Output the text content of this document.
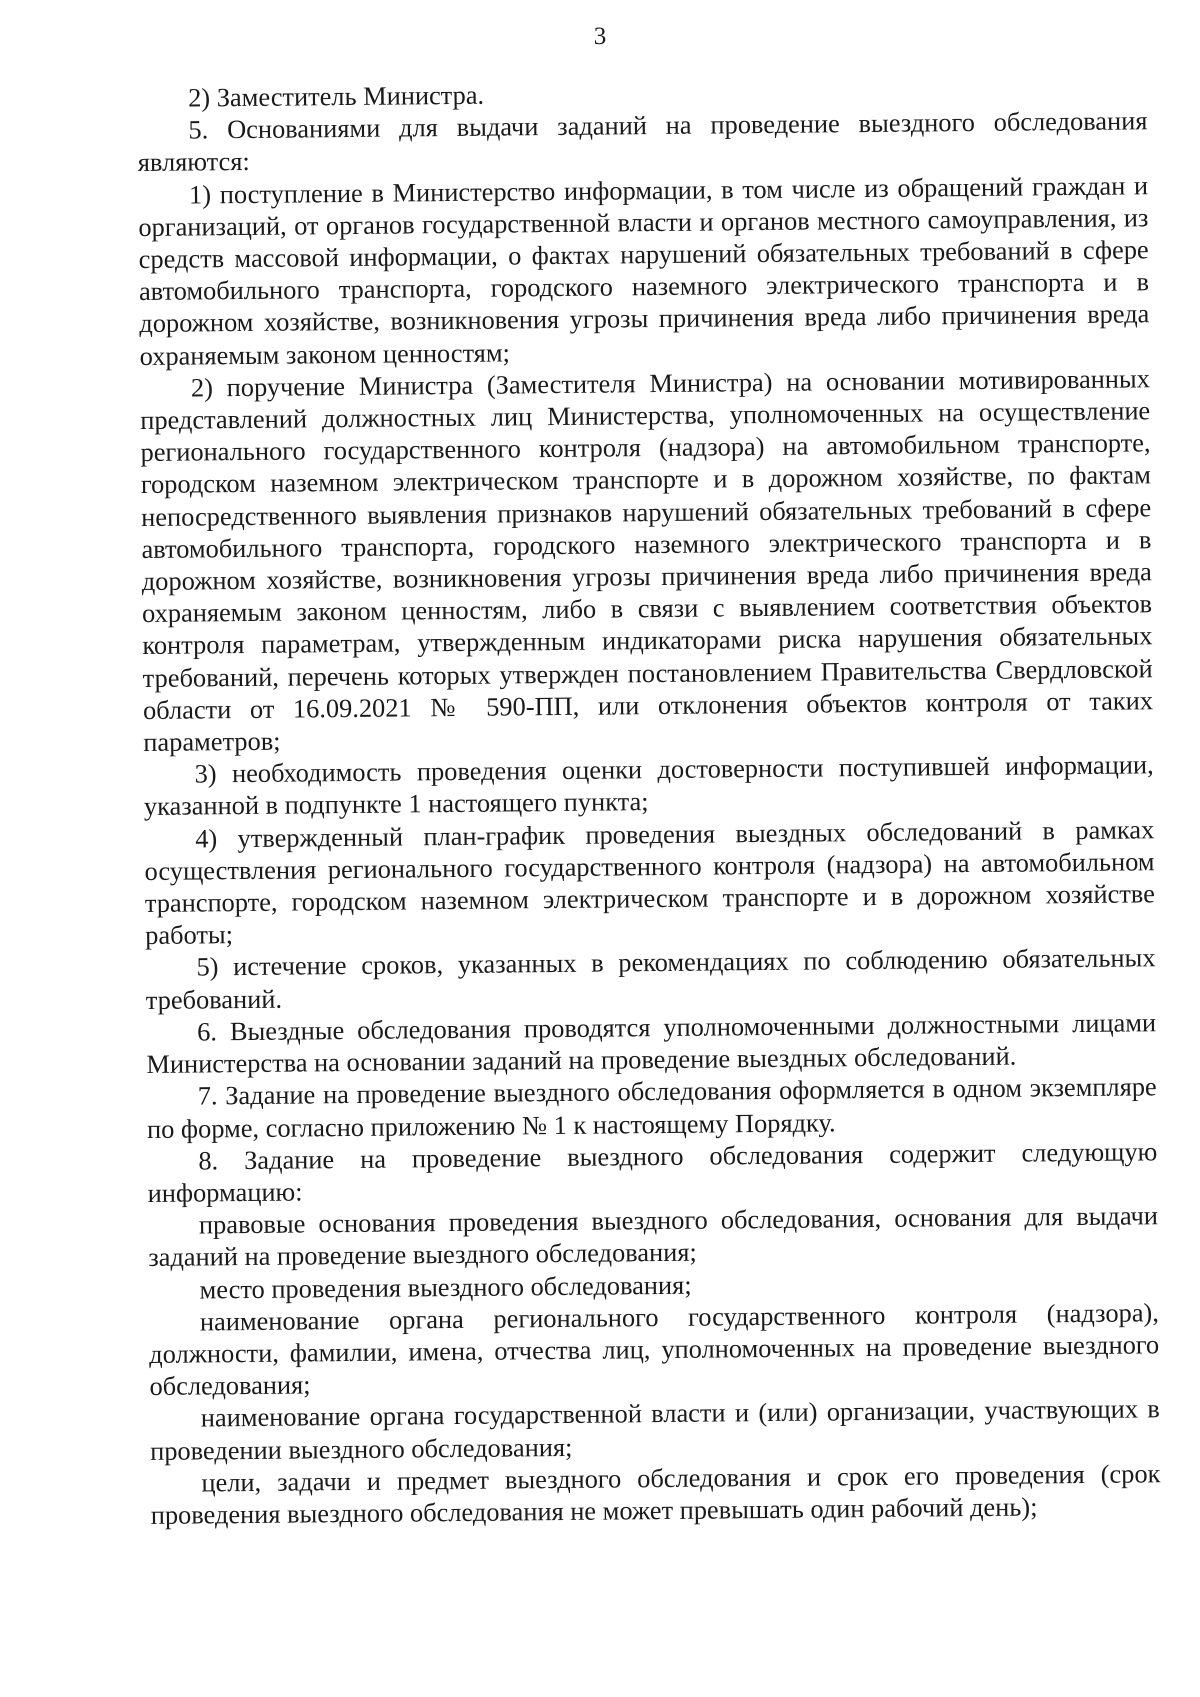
3

2) Заместитель Министра.

5. Основаниями для выдачи заданий на проведение выездного обследования являются:

1) поступление в Министерство информации, в том числе из обращений граждан и организаций, от органов государственной власти и органов местного самоуправления, из средств массовой информации, о фактах нарушений обязательных требований в сфере автомобильного транспорта, городского наземного электрического транспорта и в дорожном хозяйстве, возникновения угрозы причинения вреда либо причинения вреда охраняемым законом ценностям;

2) поручение Министра (Заместителя Министра) на основании мотивированных представлений должностных лиц Министерства, уполномоченных на осуществление регионального государственного контроля (надзора) на автомобильном транспорте, городском наземном электрическом транспорте и в дорожном хозяйстве, по фактам непосредственного выявления признаков нарушений обязательных требований в сфере автомобильного транспорта, городского наземного электрического транспорта и в дорожном хозяйстве, возникновения угрозы причинения вреда либо причинения вреда охраняемым законом ценностям, либо в связи с выявлением соответствия объектов контроля параметрам, утвержденным индикаторами риска нарушения обязательных требований, перечень которых утвержден постановлением Правительства Свердловской области от 16.09.2021 № 590-ПП, или отклонения объектов контроля от таких параметров;

3) необходимость проведения оценки достоверности поступившей информации, указанной в подпункте 1 настоящего пункта;

4) утвержденный план-график проведения выездных обследований в рамках осуществления регионального государственного контроля (надзора) на автомобильном транспорте, городском наземном электрическом транспорте и в дорожном хозяйстве работы;

5) истечение сроков, указанных в рекомендациях по соблюдению обязательных требований.

6. Выездные обследования проводятся уполномоченными должностными лицами Министерства на основании заданий на проведение выездных обследований.

7. Задание на проведение выездного обследования оформляется в одном экземпляре по форме, согласно приложению № 1 к настоящему Порядку.

8. Задание на проведение выездного обследования содержит следующую информацию:

правовые основания проведения выездного обследования, основания для выдачи заданий на проведение выездного обследования;

место проведения выездного обследования;

наименование органа регионального государственного контроля (надзора), должности, фамилии, имена, отчества лиц, уполномоченных на проведение выездного обследования;

наименование органа государственной власти и (или) организации, участвующих в проведении выездного обследования;

цели, задачи и предмет выездного обследования и срок его проведения (срок проведения выездного обследования не может превышать один рабочий день);
